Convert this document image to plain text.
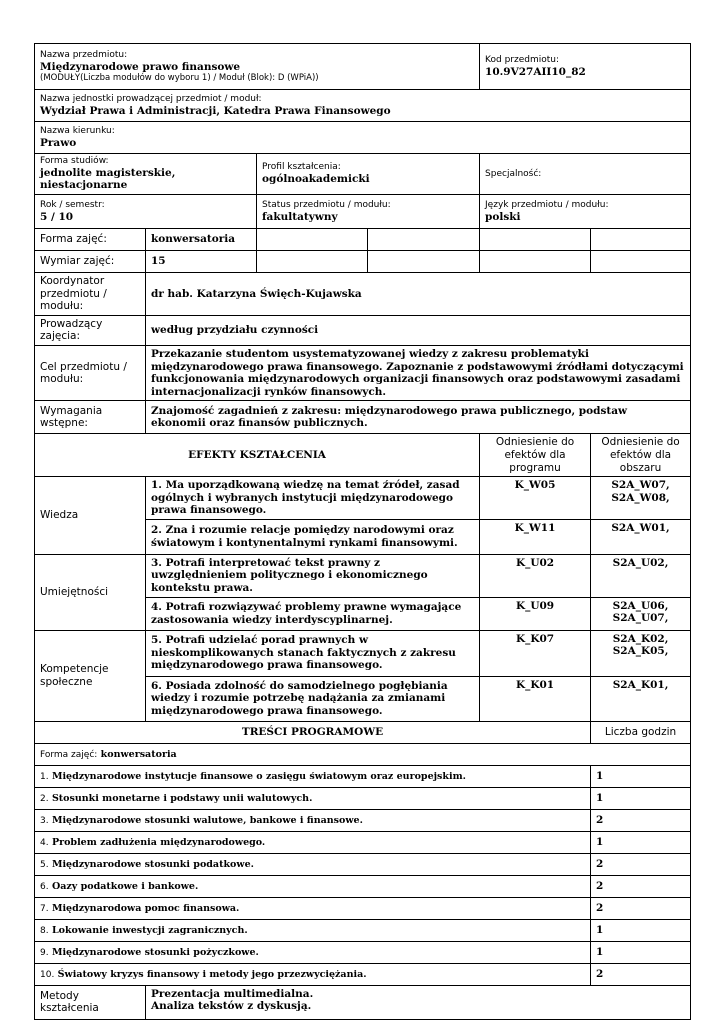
Nazwa przedmiotu:
Międzynarodowe prawo finansowe
(MODUŁY(Liczba modułów do wyboru 1) / Moduł (Blok): D (WPiA))				Kod przedmiotu:
10.9V27AII10_82	

Nazwa jednostki prowadzącej przedmiot / moduł:
Wydział Prawa i Administracji, Katedra Prawa Finansowego					

Nazwa kierunku:
Prawo					

Forma studiów:
jednolite magisterskie, niestacjonarne		Profil kształcenia:
ogólnoakademicki		Specjalność:	

Rok / semestr:
5 / 10		Status przedmiotu / modułu:
fakultatywny		Język przedmiotu / modułu:
polski	

Forma zajęć:	konwersatoria				
Wymiar zajęć:	15				
Koordynator przedmiotu / modułu:	dr hab. Katarzyna Święch-Kujawska				
Prowadzący zajęcia:	według przydziału czynności				
Cel przedmiotu / modułu:	Przekazanie studentom usystematyzowanej wiedzy z zakresu problematyki międzynarodowego prawa finansowego. Zapoznanie z podstawowymi źródłami dotyczącymi funkcjonowania międzynarodowych organizacji finansowych oraz podstawowymi zasadami internacjonalizacji rynków finansowych.				
Wymagania wstępne:	Znajomość zagadnień z zakresu: międzynarodowego prawa publicznego, podstaw ekonomii oraz finansów publicznych.				
EFEKTY KSZTAŁCENIA				Odniesienie do efektów dla programu	Odniesienie do efektów dla obszaru
Wiedza	1. Ma uporządkowaną wiedzę na temat źródeł, zasad ogólnych i wybranych instytucji międzynarodowego prawa finansowego.			K_W05	S2A_W07,
S2A_W08,

	2. Zna i rozumie relacje pomiędzy narodowymi oraz światowym i kontynentalnymi rynkami finansowymi.			K_W11	S2A_W01,

Umiejętności	3. Potrafi interpretować tekst prawny z uwzględnieniem politycznego i ekonomicznego kontekstu prawa.			K_U02	S2A_U02,

	4. Potrafi rozwiązywać problemy prawne wymagające zastosowania wiedzy interdyscyplinarnej.			K_U09	S2A_U06,
S2A_U07,

Kompetencje społeczne	5. Potrafi udzielać porad prawnych w nieskomplikowanych stanach faktycznych z zakresu międzynarodowego prawa finansowego.			K_K07	S2A_K02,
S2A_K05,

	6. Posiada zdolność do samodzielnego pogłębiania wiedzy i rozumie potrzebę nadążania za zmianami międzynarodowego prawa finansowego.			K_K01	S2A_K01,

TREŚCI PROGRAMOWE					Liczba godzin
Forma zajęć: konwersatoria					
1. Międzynarodowe instytucje finansowe o zasięgu światowym oraz europejskim.					1
2. Stosunki monetarne i podstawy unii walutowych.					1
3. Międzynarodowe stosunki walutowe, bankowe i finansowe.					2
4. Problem zadłużenia międzynarodowego.					1
5. Międzynarodowe stosunki podatkowe.					2
6. Oazy podatkowe i bankowe.					2
7. Międzynarodowa pomoc finansowa.					2
8. Lokowanie inwestycji zagranicznych.					1
9. Międzynarodowe stosunki pożyczkowe.					1
10. Światowy kryzys finansowy i metody jego przezwyciężania.					2
Metody kształcenia	Prezentacja multimedialna.
Analiza tekstów z dyskusją.				
